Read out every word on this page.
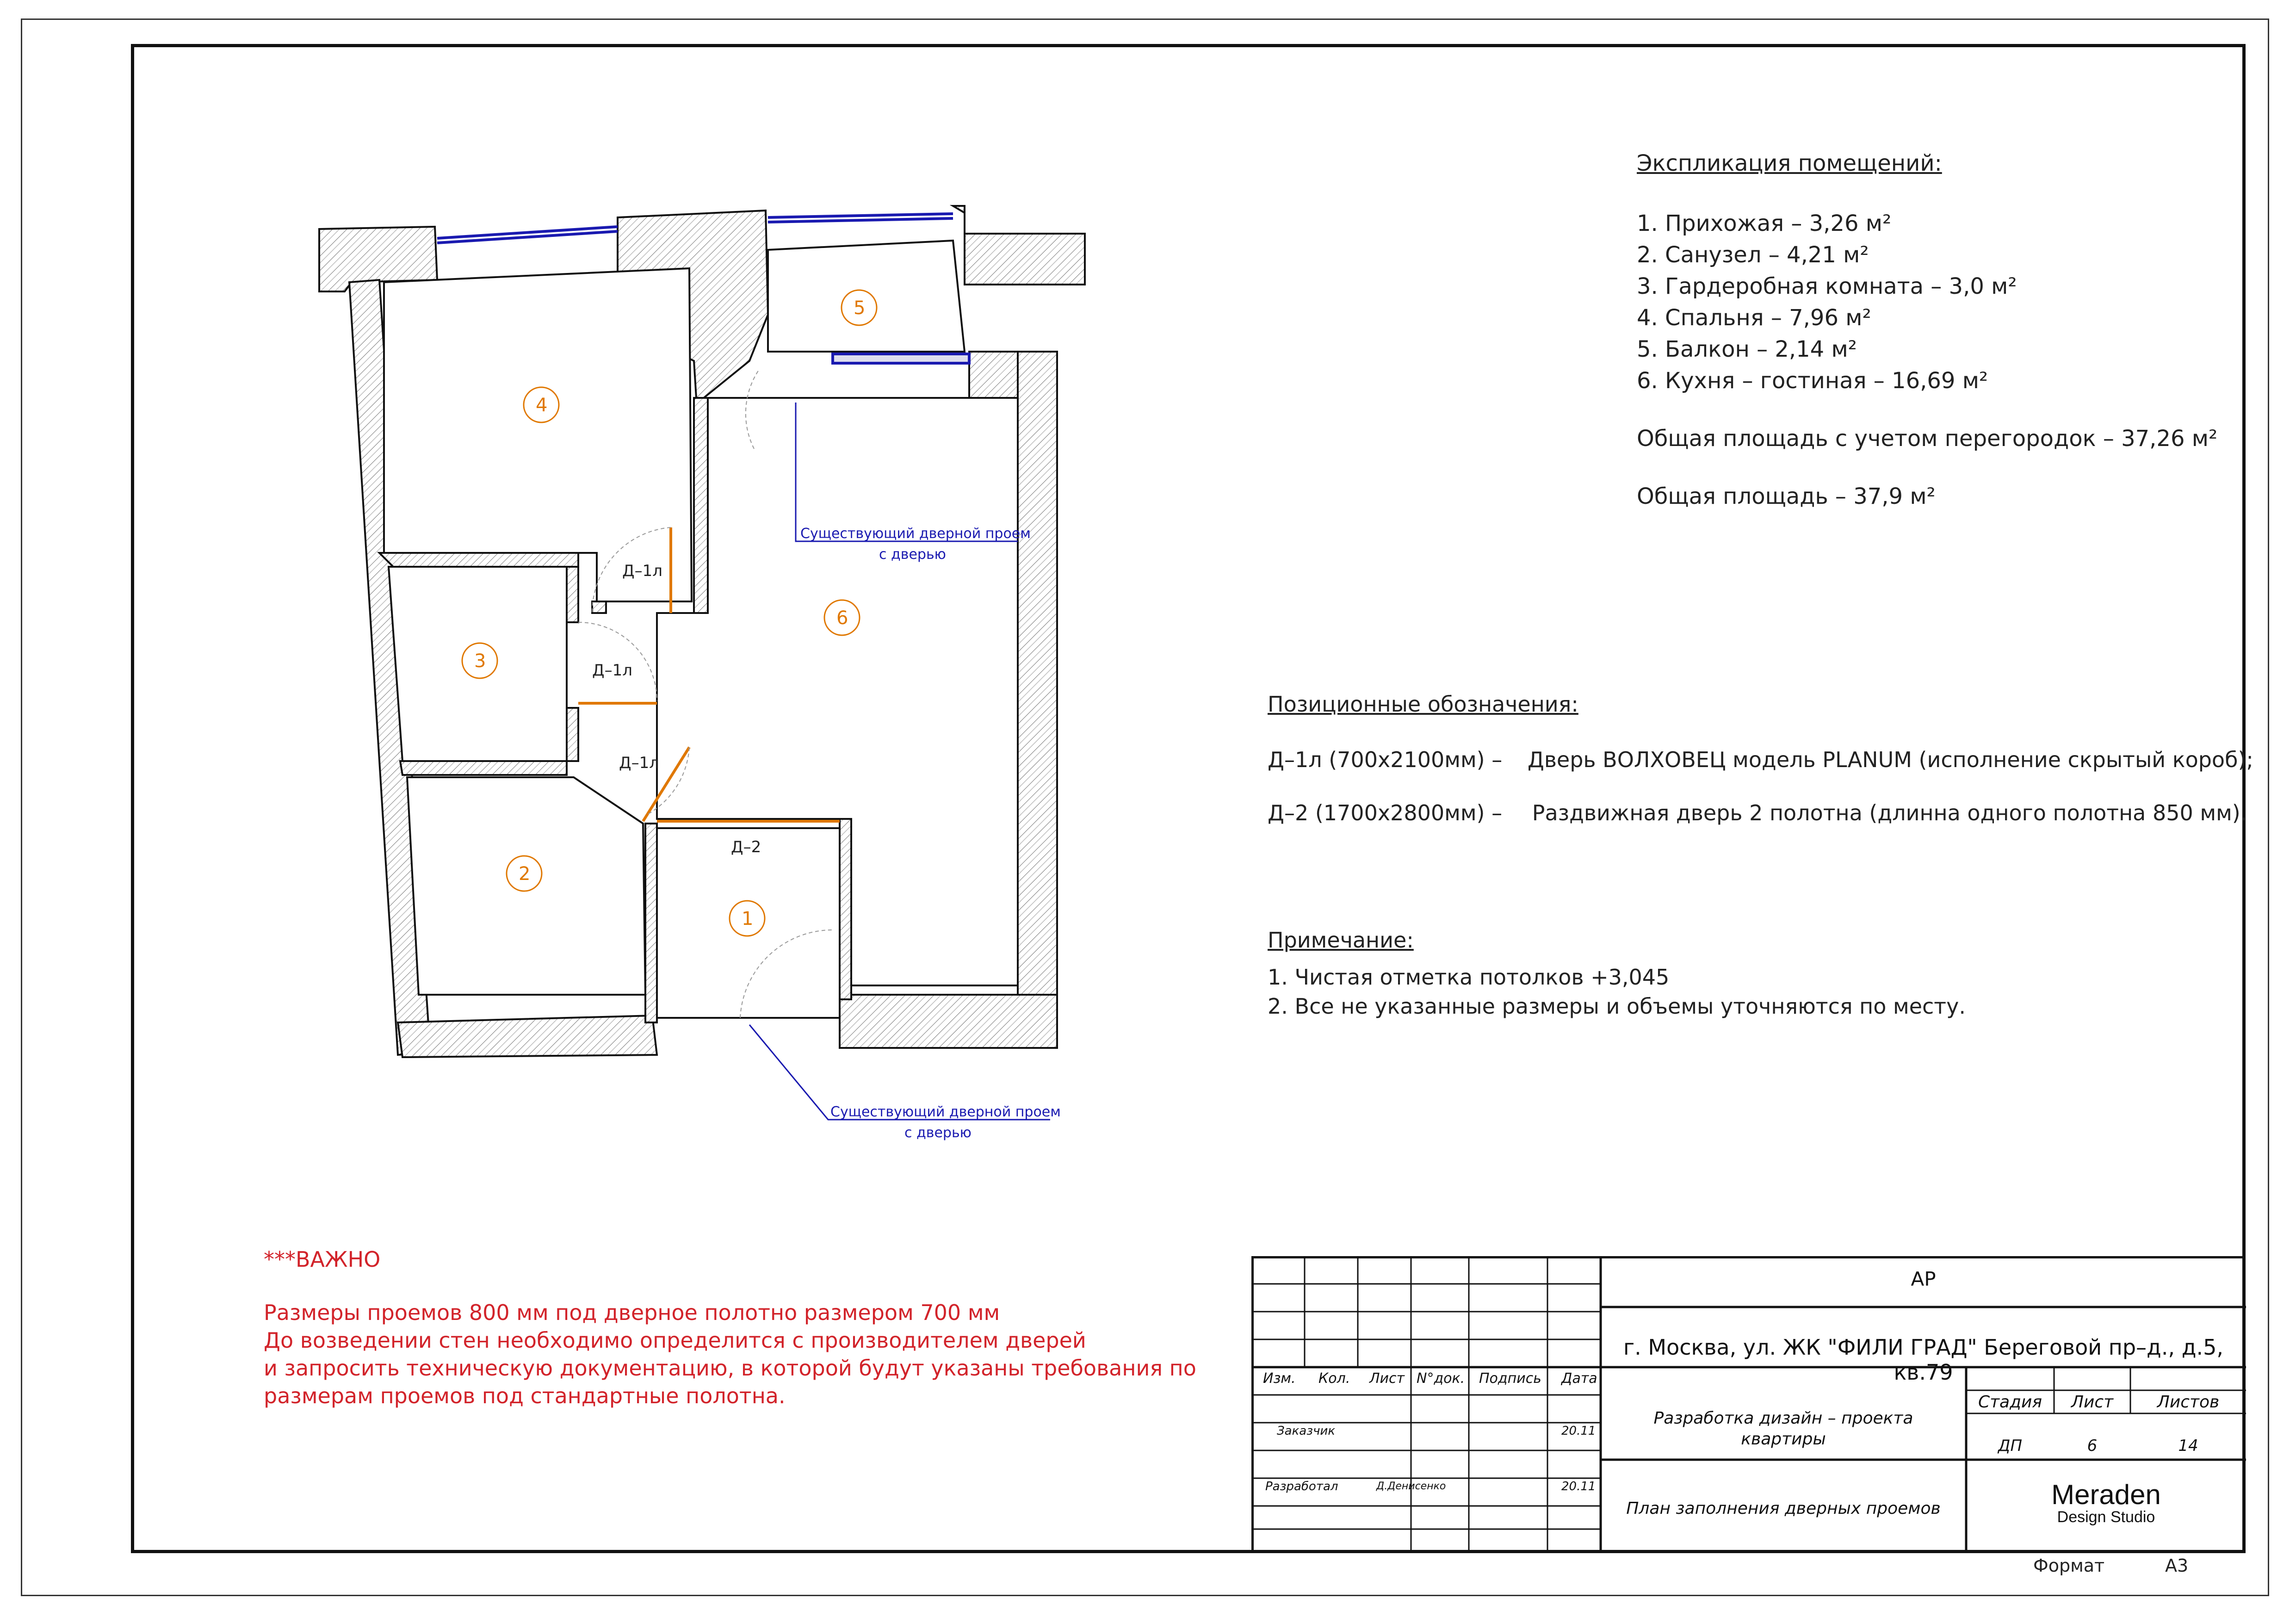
Существующий дверной проем
с дверью
Существующий дверной проем
с дверью
Д–1л
Д–1л
Д–1л
Д–2
1
2
3
4
5
6
Экспликация помещений:
1. Прихожая – 3,26 м²
2. Санузел – 4,21 м²
3. Гардеробная комната – 3,0 м²
4. Спальня – 7,96 м²
5. Балкон – 2,14 м²
6. Кухня – гостиная – 16,69 м²
Общая площадь с учетом перегородок – 37,26 м²
Общая площадь – 37,9 м²
Позиционные обозначения:
Д–1л (700x2100мм) – Дверь ВОЛХОВЕЦ модель PLANUM (исполнение скрытый короб);
Д–2 (1700x2800мм) – Раздвижная дверь 2 полотна (длинна одного полотна 850 мм).
Примечание:
1. Чистая отметка потолков +3,045
2. Все не указанные размеры и объемы уточняются по месту.
***ВАЖНО
Размеры проемов 800 мм под дверное полотно размером 700 мм
До возведении стен необходимо определится с производителем дверей
и запросить техническую документацию, в которой будут указаны требования по
размерам проемов под стандартные полотна.
Изм. Кол. Лист N°док. Подпись Дата
Заказчик	20.11
Разработал	Д.Денисенко	20.11
АР
г. Москва, ул. ЖК "ФИЛИ ГРАД" Береговой пр–д., д.5, кв.79
Разработка дизайн – проекта
квартиры
Стадия	Лист	Листов
ДП	6	14
План заполнения дверных проемов	Meraden
Design Studio
Формат	А3
